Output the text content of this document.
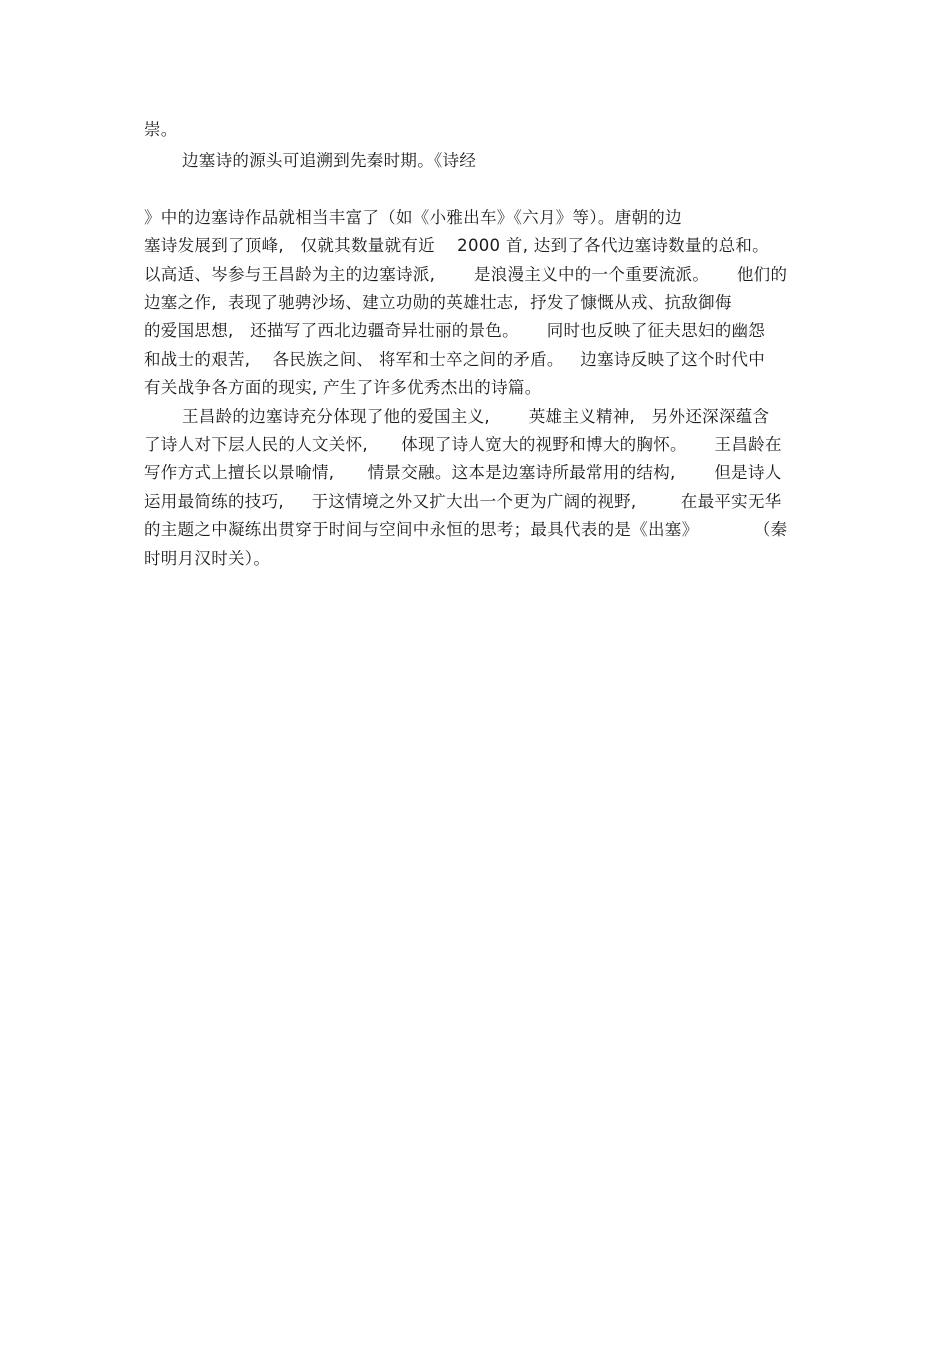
崇。
边塞诗的源头可追溯到先秦时期。《诗经
》中的边塞诗作品就相当丰富了（如《小雅出车》《六月》等）。唐朝的边
塞诗发展到了顶峰,   仅就其数量就有近    2000 首, 达到了各代边塞诗数量的总和。
以高适、岑参与王昌龄为主的边塞诗派,       是浪漫主义中的一个重要流派。     他们的
边塞之作,  表现了驰骋沙场、建立功勋的英雄壮志,  抒发了慷慨从戎、抗敌御侮
的爱国思想,   还描写了西北边疆奇异壮丽的景色。     同时也反映了征夫思妇的幽怨
和战士的艰苦,    各民族之间、 将军和士卒之间的矛盾。   边塞诗反映了这个时代中
有关战争各方面的现实, 产生了许多优秀杰出的诗篇。
王昌龄的边塞诗充分体现了他的爱国主义,       英雄主义精神,   另外还深深蕴含
了诗人对下层人民的人文关怀,      体现了诗人宽大的视野和博大的胸怀。     王昌龄在
写作方式上擅长以景喻情,      情景交融。这本是边塞诗所最常用的结构,       但是诗人
运用最简练的技巧,     于这情境之外又扩大出一个更为广阔的视野,        在最平实无华
的主题之中凝练出贯穿于时间与空间中永恒的思考；最具代表的是《出塞》          （秦
时明月汉时关）。
